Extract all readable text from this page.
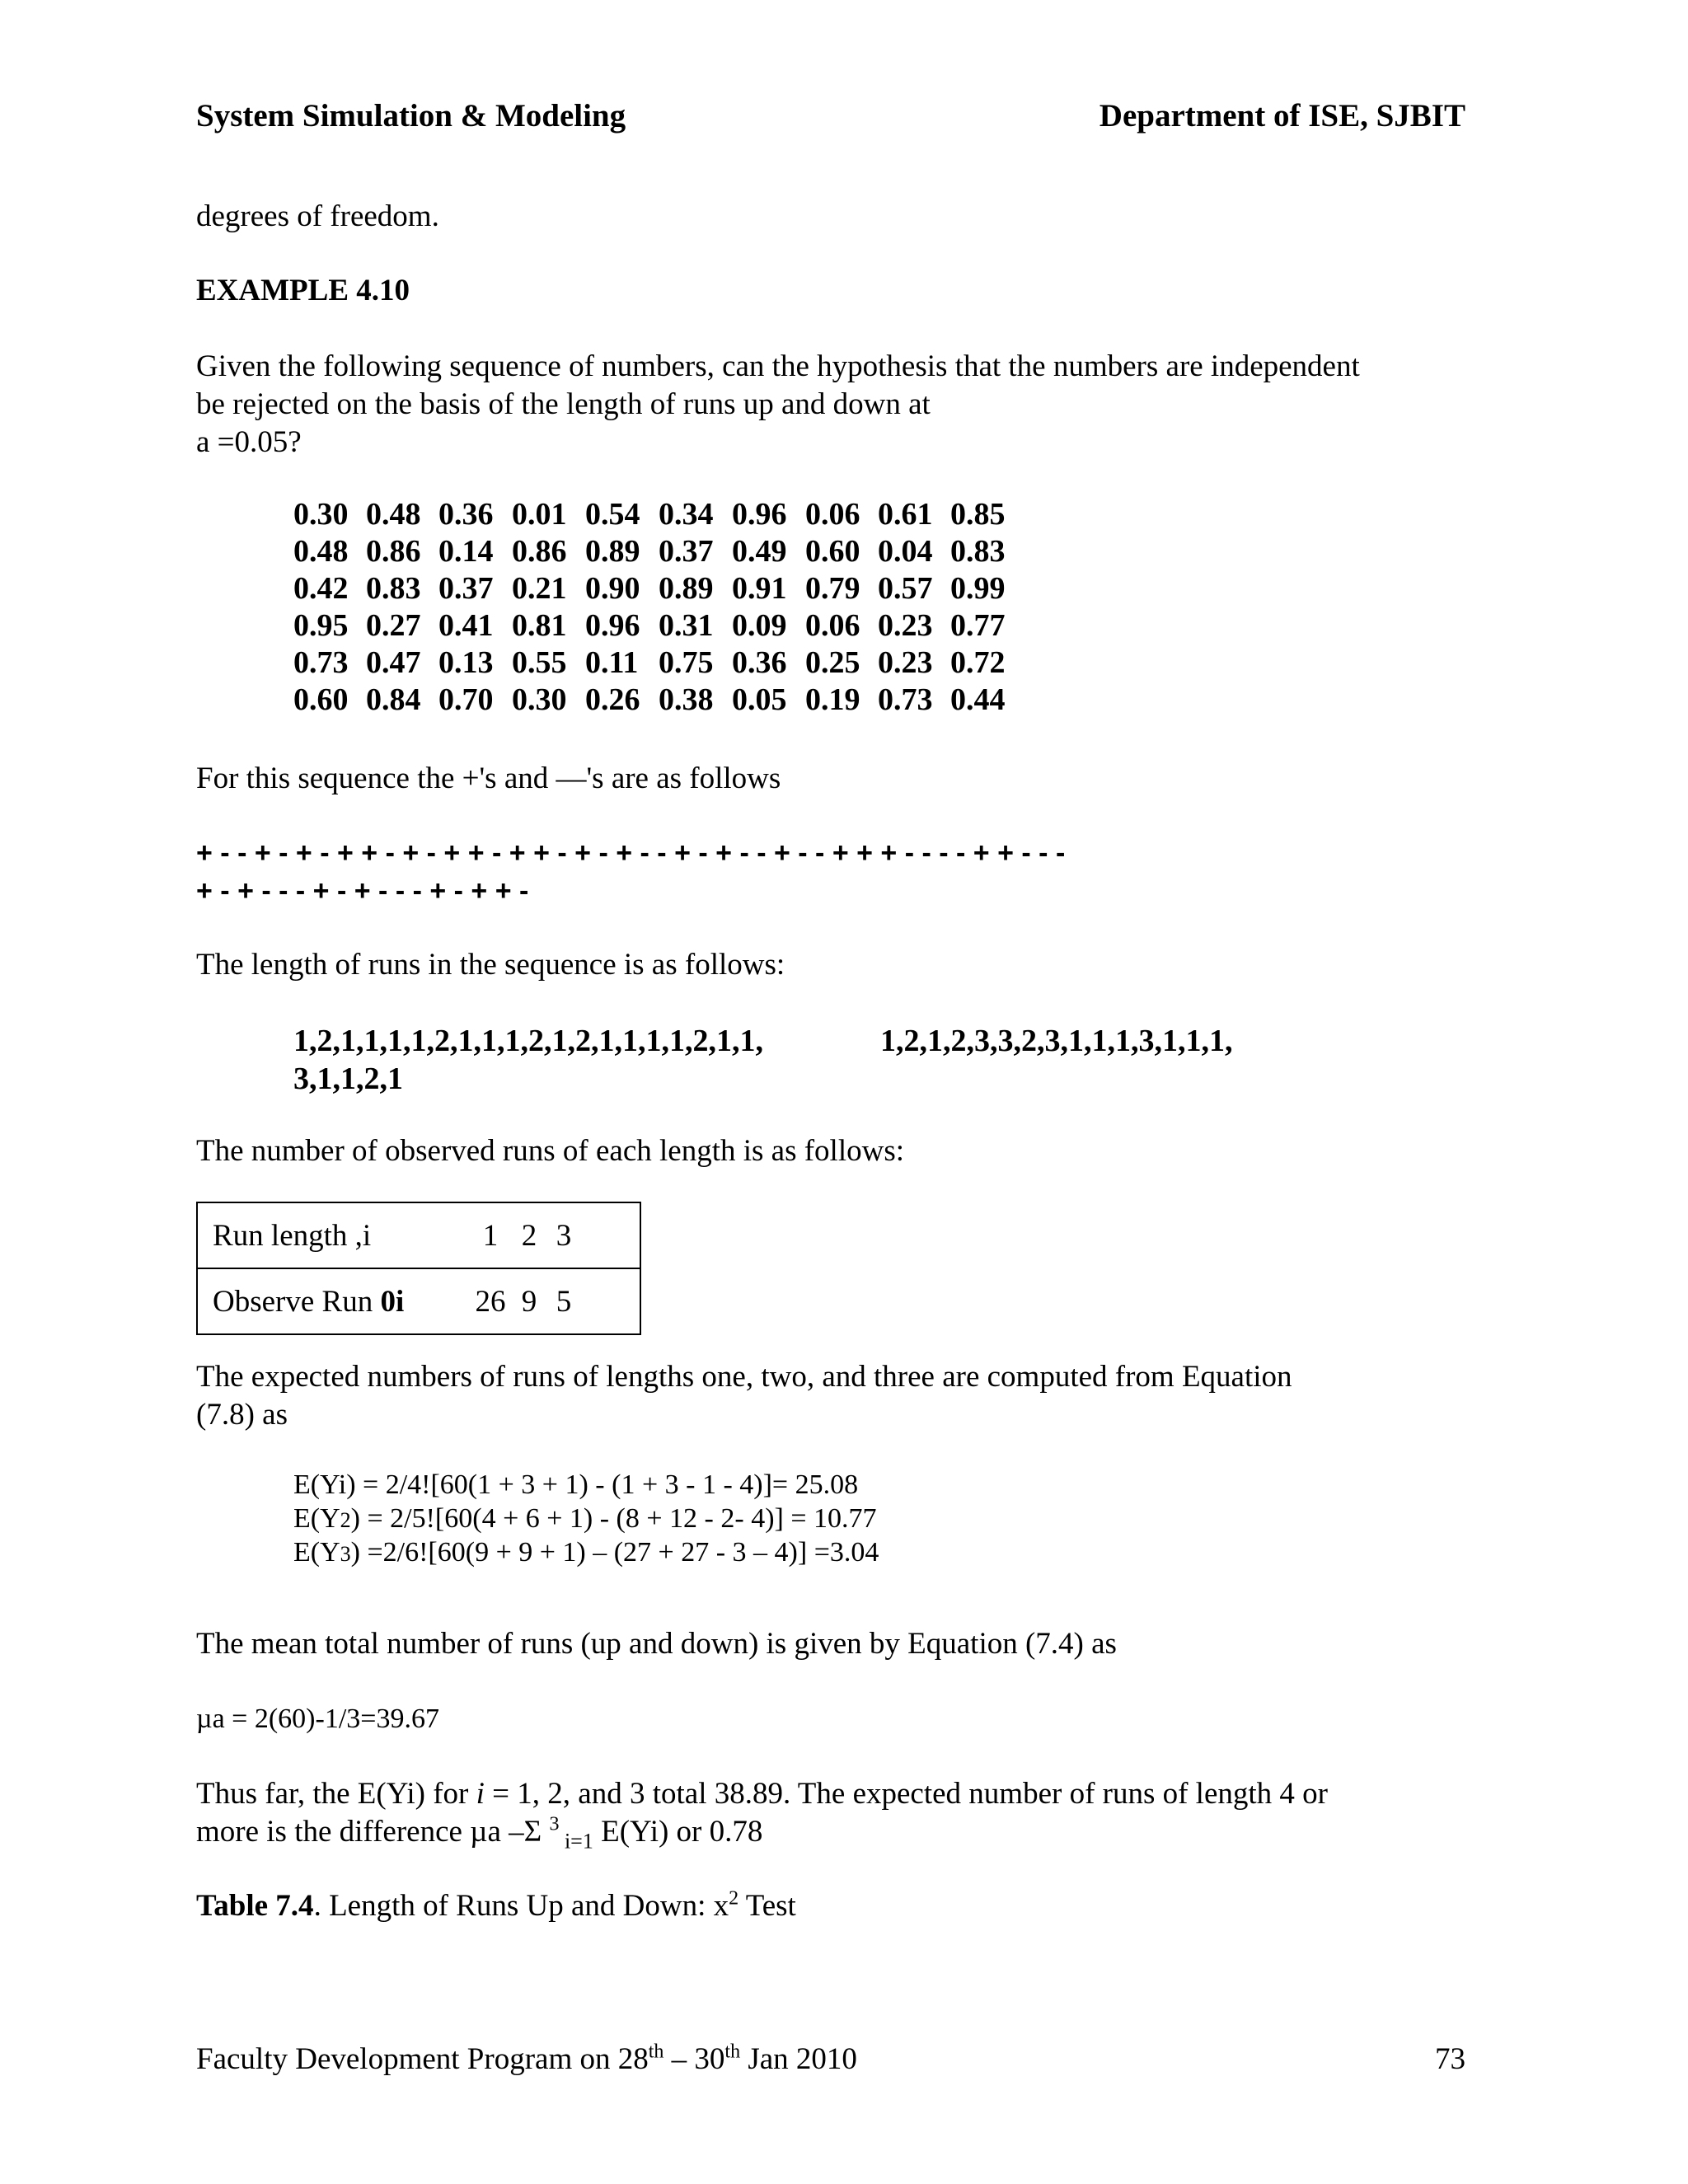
System Simulation & Modeling	Department of ISE, SJBIT
degrees of freedom.
EXAMPLE 4.10
Given the following sequence of numbers, can the hypothesis that the numbers are independent
be rejected on the basis of the length of runs up and down at
a =0.05?
0.30 0.48 0.36 0.01 0.54 0.34 0.96 0.06 0.61 0.85
0.48 0.86 0.14 0.86 0.89 0.37 0.49 0.60 0.04 0.83
0.42 0.83 0.37 0.21 0.90 0.89 0.91 0.79 0.57 0.99
0.95 0.27 0.41 0.81 0.96 0.31 0.09 0.06 0.23 0.77
0.73 0.47 0.13 0.55 0.11 0.75 0.36 0.25 0.23 0.72
0.60 0.84 0.70 0.30 0.26 0.38 0.05 0.19 0.73 0.44
For this sequence the +'s and —'s are as follows
+ - - + - + - + + - + - + + - + + - + - + - - + - + - - + - - + + + - - - - + + - - -
+ - + - - - + - + - - - + - + + -
The length of runs in the sequence is as follows:
1,2,1,1,1,1,2,1,1,1,2,1,2,1,1,1,1,2,1,1,	1,2,1,2,3,3,2,3,1,1,1,3,1,1,1,
3,1,1,2,1
The number of observed runs of each length is as follows:
Run length ,i	1 2 3
Observe Run 0i	26 9 5
The expected numbers of runs of lengths one, two, and three are computed from Equation
(7.8) as
E(Yi) = 2/4![60(1 + 3 + 1) - (1 + 3 - 1 - 4)]= 25.08
E(Y2) = 2/5![60(4 + 6 + 1) - (8 + 12 - 2- 4)] = 10.77
E(Y3) =2/6![60(9 + 9 + 1) – (27 + 27 - 3 – 4)] =3.04
The mean total number of runs (up and down) is given by Equation (7.4) as
µa = 2(60)-1/3=39.67
Thus far, the E(Yi) for i = 1, 2, and 3 total 38.89. The expected number of runs of length 4 or
more is the difference µa –Σ $^3$ $_{i=1}$ E(Yi) or 0.78
Table 7.4. Length of Runs Up and Down: $x^2$ Test
Faculty Development Program on 28th – 30th Jan 2010	73
